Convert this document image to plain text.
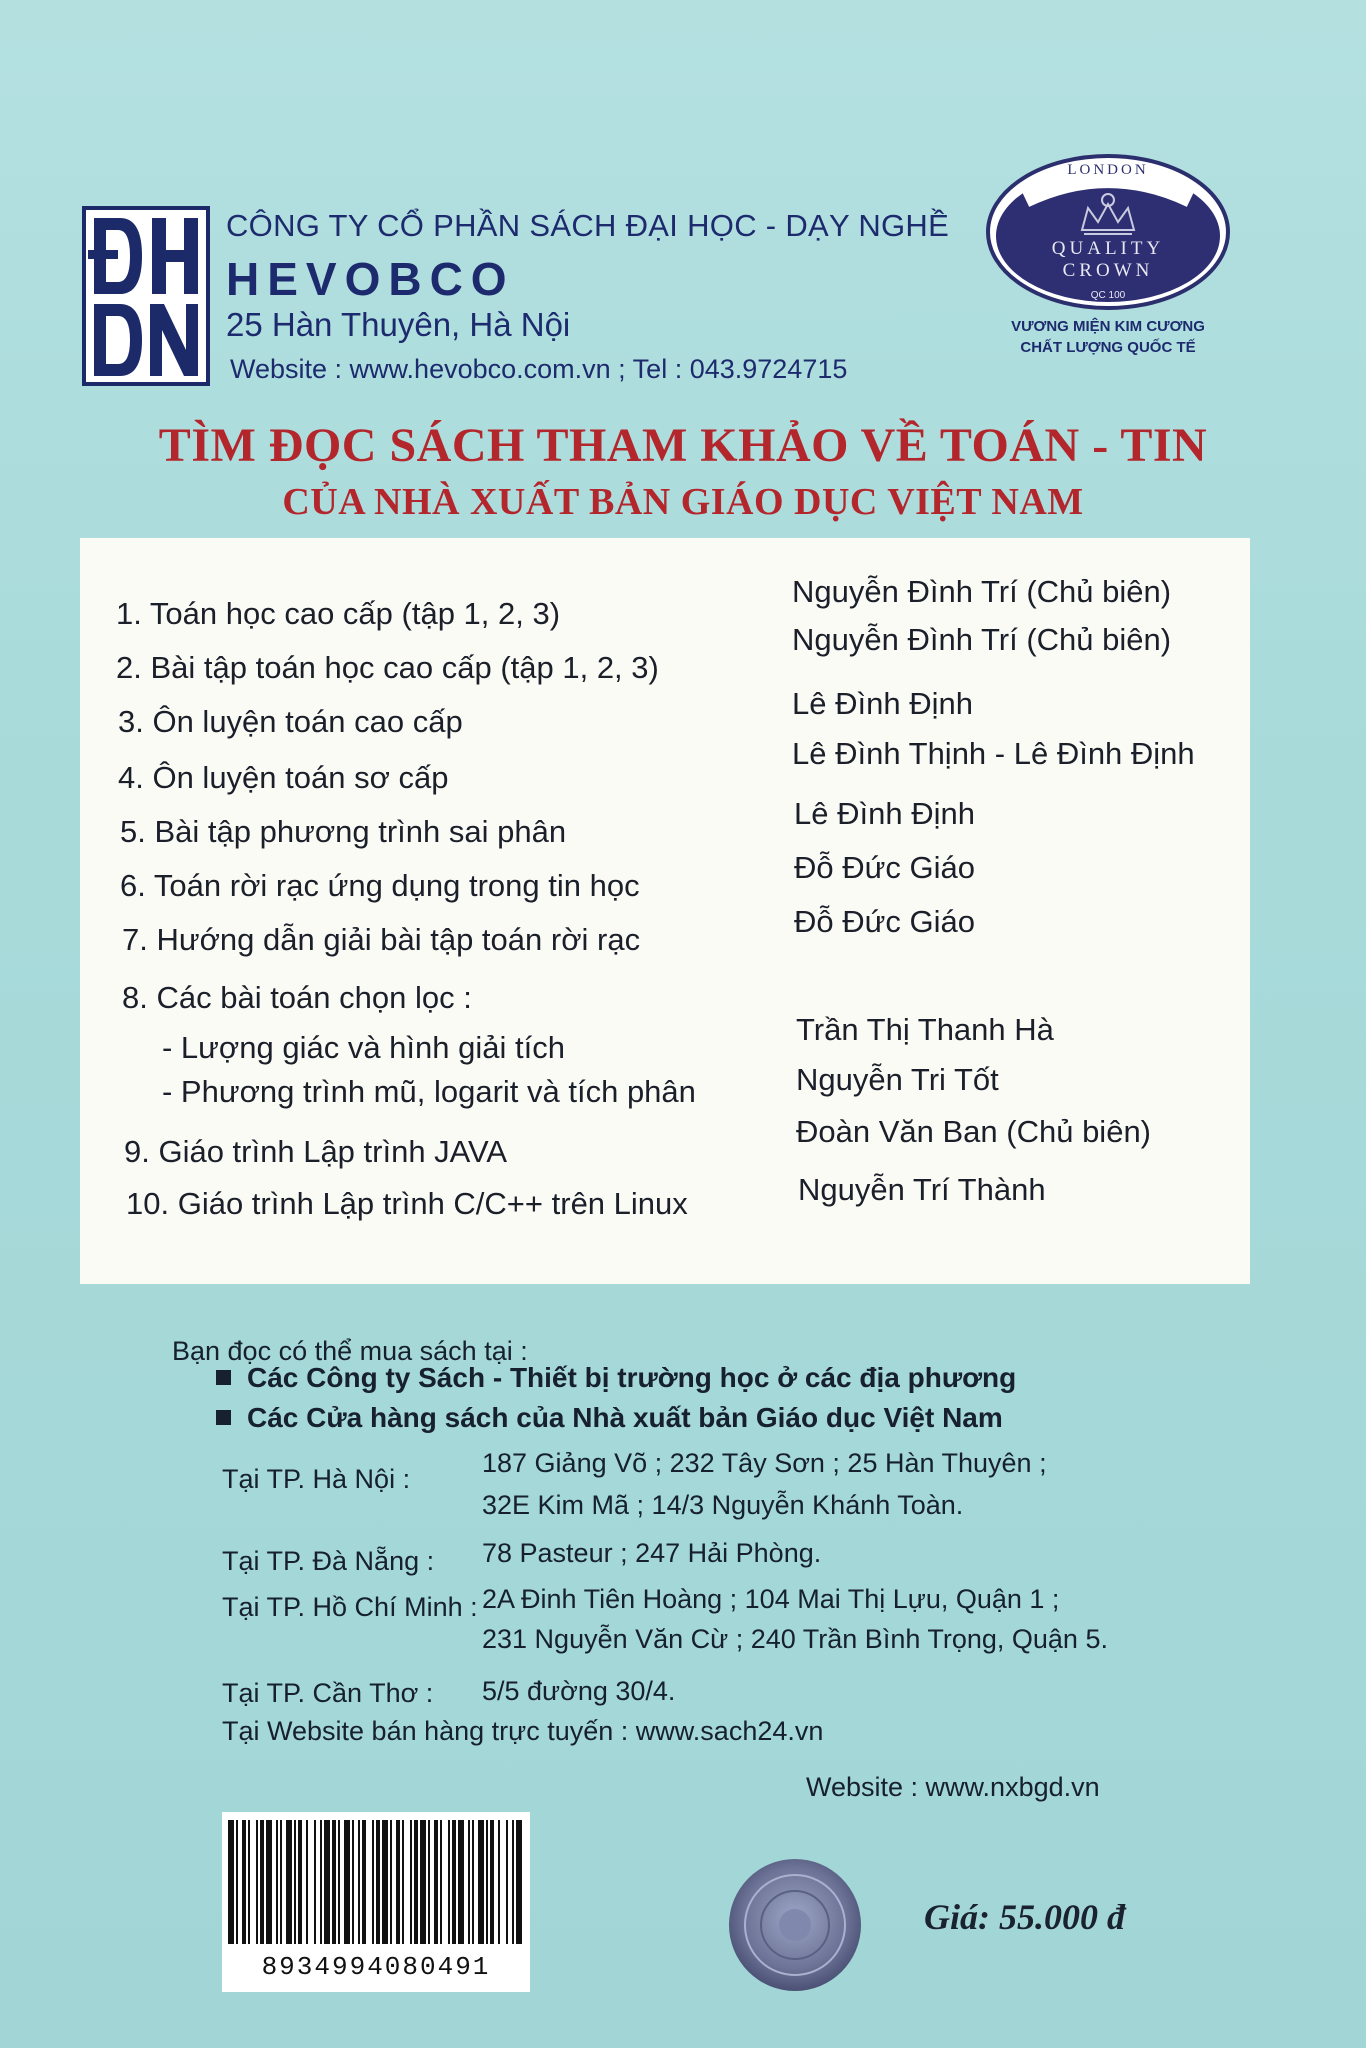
CÔNG TY CỔ PHẦN SÁCH ĐẠI HỌC - DẠY NGHỀ
HEVOBCO
25 Hàn Thuyên, Hà Nội
Website : www.hevobco.com.vn ; Tel : 043.9724715
LONDON
QUALITY
CROWN
QC 100
VƯƠNG MIỆN KIM CƯƠNG
CHẤT LƯỢNG QUỐC TẾ
TÌM ĐỌC SÁCH THAM KHẢO VỀ TOÁN - TIN
CỦA NHÀ XUẤT BẢN GIÁO DỤC VIỆT NAM
1. Toán học cao cấp (tập 1, 2, 3)
Nguyễn Đình Trí (Chủ biên)
2. Bài tập toán học cao cấp (tập 1, 2, 3)
Nguyễn Đình Trí (Chủ biên)
3. Ôn luyện toán cao cấp
Lê Đình Định
4. Ôn luyện toán sơ cấp
Lê Đình Thịnh - Lê Đình Định
5. Bài tập phương trình sai phân
Lê Đình Định
6. Toán rời rạc ứng dụng trong tin học
Đỗ Đức Giáo
7. Hướng dẫn giải bài tập toán rời rạc
Đỗ Đức Giáo
8. Các bài toán chọn lọc :
- Lượng giác và hình giải tích
Trần Thị Thanh Hà
- Phương trình mũ, logarit và tích phân	Nguyễn Tri Tốt
9. Giáo trình Lập trình JAVA
Đoàn Văn Ban (Chủ biên)
10. Giáo trình Lập trình C/C++ trên Linux	Nguyễn Trí Thành
Bạn đọc có thể mua sách tại :
Các Công ty Sách - Thiết bị trường học ở các địa phương
Các Cửa hàng sách của Nhà xuất bản Giáo dục Việt Nam
Tại TP. Hà Nội :
187 Giảng Võ ; 232 Tây Sơn ; 25 Hàn Thuyên ;
32E Kim Mã ; 14/3 Nguyễn Khánh Toàn.
Tại TP. Đà Nẵng : 78 Pasteur ; 247 Hải Phòng.
Tại TP. Hồ Chí Minh : 2A Đinh Tiên Hoàng ; 104 Mai Thị Lựu, Quận 1 ;
231 Nguyễn Văn Cừ ; 240 Trần Bình Trọng, Quận 5.
Tại TP. Cần Thơ : 5/5 đường 30/4.
Tại Website bán hàng trực tuyến : www.sach24.vn
Website : www.nxbgd.vn
8934994080491
Giá: 55.000 đ
